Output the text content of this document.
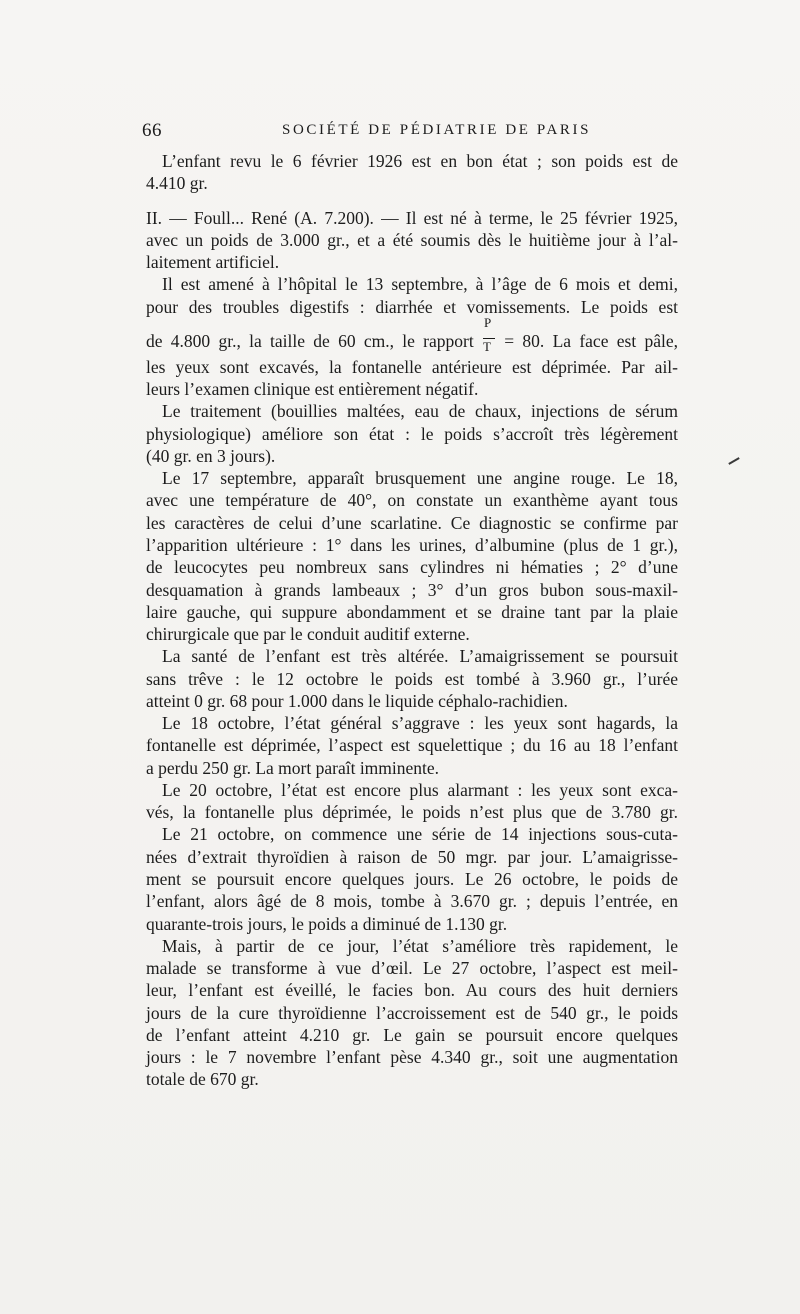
66	SOCIÉTÉ DE PÉDIATRIE DE PARIS
L’enfant revu le 6 février 1926 est en bon état ; son poids est de
4.410 gr.
II. — Foull... René (A. 7.200). — Il est né à terme, le 25 février 1925,
avec un poids de 3.000 gr., et a été soumis dès le huitième jour à l’al-
laitement artificiel.
Il est amené à l’hôpital le 13 septembre, à l’âge de 6 mois et demi,
pour des troubles digestifs : diarrhée et vomissements. Le poids est
de 4.800 gr., la taille de 60 cm., le rapport $\frac{P}{T} = 80$. La face est pâle,
les yeux sont excavés, la fontanelle antérieure est déprimée. Par ail-
leurs l’examen clinique est entièrement négatif.
Le traitement (bouillies maltées, eau de chaux, injections de sérum
physiologique) améliore son état : le poids s’accroît très légèrement
(40 gr. en 3 jours).
Le 17 septembre, apparaît brusquement une angine rouge. Le 18,
avec une température de 40°, on constate un exanthème ayant tous
les caractères de celui d’une scarlatine. Ce diagnostic se confirme par
l’apparition ultérieure : 1° dans les urines, d’albumine (plus de 1 gr.),
de leucocytes peu nombreux sans cylindres ni hématies ; 2° d’une
desquamation à grands lambeaux ; 3° d’un gros bubon sous-maxil-
laire gauche, qui suppure abondamment et se draine tant par la plaie
chirurgicale que par le conduit auditif externe.
La santé de l’enfant est très altérée. L’amaigrissement se poursuit
sans trêve : le 12 octobre le poids est tombé à 3.960 gr., l’urée
atteint 0 gr. 68 pour 1.000 dans le liquide céphalo-rachidien.
Le 18 octobre, l’état général s’aggrave : les yeux sont hagards, la
fontanelle est déprimée, l’aspect est squelettique ; du 16 au 18 l’enfant
a perdu 250 gr. La mort paraît imminente.
Le 20 octobre, l’état est encore plus alarmant : les yeux sont exca-
vés, la fontanelle plus déprimée, le poids n’est plus que de 3.780 gr.
Le 21 octobre, on commence une série de 14 injections sous-cuta-
nées d’extrait thyroïdien à raison de 50 mgr. par jour. L’amaigrisse-
ment se poursuit encore quelques jours. Le 26 octobre, le poids de
l’enfant, alors âgé de 8 mois, tombe à 3.670 gr. ; depuis l’entrée, en
quarante-trois jours, le poids a diminué de 1.130 gr.
Mais, à partir de ce jour, l’état s’améliore très rapidement, le
malade se transforme à vue d’œil. Le 27 octobre, l’aspect est meil-
leur, l’enfant est éveillé, le facies bon. Au cours des huit derniers
jours de la cure thyroïdienne l’accroissement est de 540 gr., le poids
de l’enfant atteint 4.210 gr. Le gain se poursuit encore quelques
jours : le 7 novembre l’enfant pèse 4.340 gr., soit une augmentation
totale de 670 gr.
